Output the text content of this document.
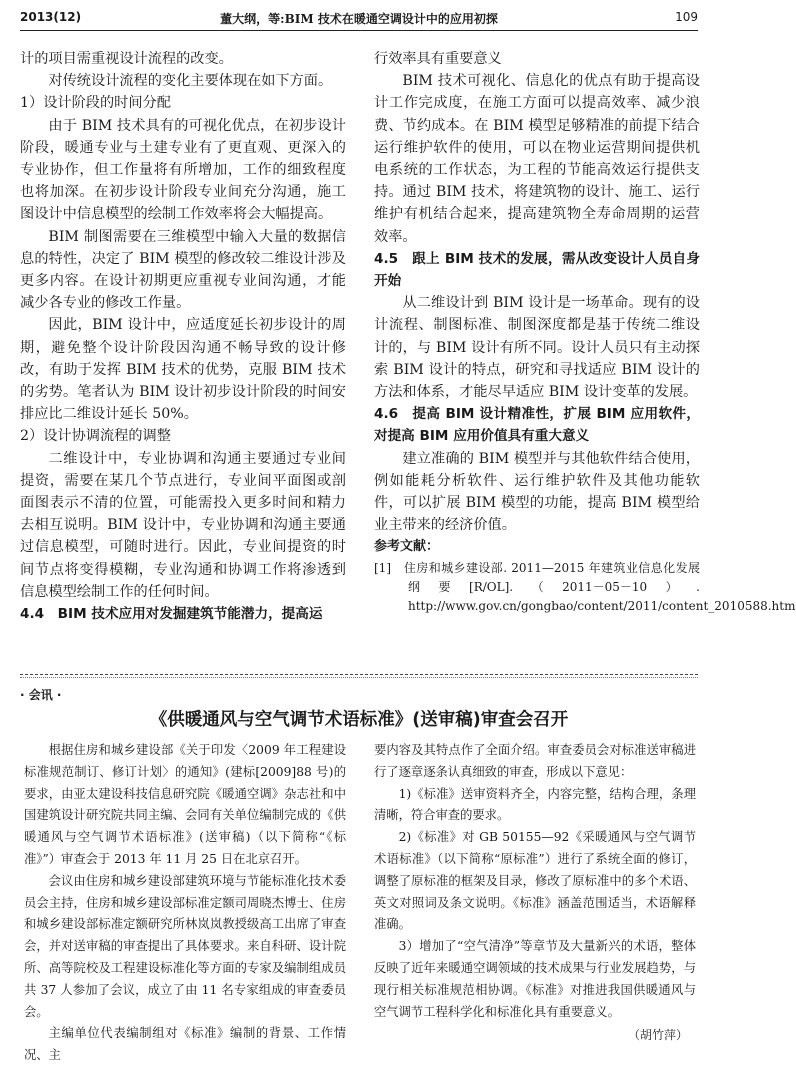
2013(12)	董大纲，等:BIM 技术在暖通空调设计中的应用初探	109

计的项目需重视设计流程的改变。

对传统设计流程的变化主要体现在如下方面。

1）设计阶段的时间分配

由于 BIM 技术具有的可视化优点，在初步设计阶段，暖通专业与土建专业有了更直观、更深入的专业协作，但工作量将有所增加，工作的细致程度也将加深。在初步设计阶段专业间充分沟通，施工图设计中信息模型的绘制工作效率将会大幅提高。

BIM 制图需要在三维模型中输入大量的数据信息的特性，决定了 BIM 模型的修改较二维设计涉及更多内容。在设计初期更应重视专业间沟通，才能减少各专业的修改工作量。

因此，BIM 设计中，应适度延长初步设计的周期，避免整个设计阶段因沟通不畅导致的设计修改，有助于发挥 BIM 技术的优势，克服 BIM 技术的劣势。笔者认为 BIM 设计初步设计阶段的时间安排应比二维设计延长 50%。

2）设计协调流程的调整

二维设计中，专业协调和沟通主要通过专业间提资，需要在某几个节点进行，专业间平面图或剖面图表示不清的位置，可能需投入更多时间和精力去相互说明。BIM 设计中，专业协调和沟通主要通过信息模型，可随时进行。因此，专业间提资的时间节点将变得模糊，专业沟通和协调工作将渗透到信息模型绘制工作的任何时间。

4.4　BIM 技术应用对发掘建筑节能潜力，提高运

行效率具有重要意义

BIM 技术可视化、信息化的优点有助于提高设计工作完成度，在施工方面可以提高效率、减少浪费、节约成本。在 BIM 模型足够精准的前提下结合运行维护软件的使用，可以在物业运营期间提供机电系统的工作状态，为工程的节能高效运行提供支持。通过 BIM 技术，将建筑物的设计、施工、运行维护有机结合起来，提高建筑物全寿命周期的运营效率。

4.5　跟上 BIM 技术的发展，需从改变设计人员自身开始

从二维设计到 BIM 设计是一场革命。现有的设计流程、制图标准、制图深度都是基于传统二维设计的，与 BIM 设计有所不同。设计人员只有主动探索 BIM 设计的特点，研究和寻找适应 BIM 设计的方法和体系，才能尽早适应 BIM 设计变革的发展。

4.6　提高 BIM 设计精准性，扩展 BIM 应用软件，对提高 BIM 应用价值具有重大意义

建立准确的 BIM 模型并与其他软件结合使用，例如能耗分析软件、运行维护软件及其他功能软件，可以扩展 BIM 模型的功能，提高 BIM 模型给业主带来的经济价值。

参考文献：

[1]　住房和城乡建设部. 2011—2015 年建筑业信息化发展纲要[R/OL].（2011－05－10）. http://www.gov.cn/gongbao/content/2011/content_2010588.htm

· 会讯 ·
《供暖通风与空气调节术语标准》(送审稿)审查会召开

根据住房和城乡建设部《关于印发〈2009 年工程建设标准规范制订、修订计划〉的通知》(建标[2009]88 号)的要求，由亚太建设科技信息研究院《暖通空调》杂志社和中国建筑设计研究院共同主编、会同有关单位编制完成的《供暖通风与空气调节术语标准》(送审稿)（以下简称“《标准》”）审查会于 2013 年 11 月 25 日在北京召开。

会议由住房和城乡建设部建筑环境与节能标准化技术委员会主持，住房和城乡建设部标准定额司周晓杰博士、住房和城乡建设部标准定额研究所林岚岚教授级高工出席了审查会，并对送审稿的审查提出了具体要求。来自科研、设计院所、高等院校及工程建设标准化等方面的专家及编制组成员共 37 人参加了会议，成立了由 11 名专家组成的审查委员会。

主编单位代表编制组对《标准》编制的背景、工作情况、主

要内容及其特点作了全面介绍。审查委员会对标准送审稿进行了逐章逐条认真细致的审查，形成以下意见：

1)《标准》送审资料齐全，内容完整，结构合理，条理清晰，符合审查的要求。

2)《标准》对 GB 50155—92《采暖通风与空气调节术语标准》（以下简称“原标准”）进行了系统全面的修订，调整了原标准的框架及目录，修改了原标准中的多个术语、英文对照词及条文说明。《标准》涵盖范围适当，术语解释准确。

3）增加了“空气清净”等章节及大量新兴的术语，整体反映了近年来暖通空调领域的技术成果与行业发展趋势，与现行相关标准规范相协调。《标准》对推进我国供暖通风与空气调节工程科学化和标准化具有重要意义。

（胡竹萍）
